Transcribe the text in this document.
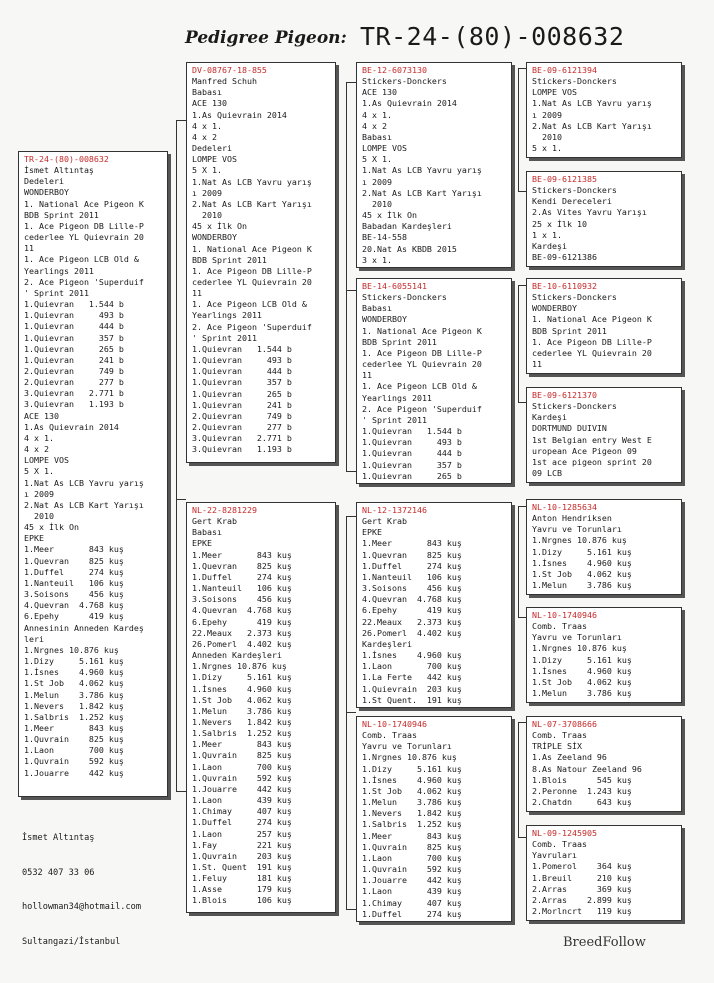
Pedigree Pigeon: TR-24-(80)-008632
TR-24-(80)-008632
İsmet Altıntaş
Dedeleri
WONDERBOY
1. National Ace Pigeon K
BDB Sprint 2011
1. Ace Pigeon DB Lille-P
cederlee YL Quievrain 20
11
1. Ace Pigeon LCB Old &
Yearlings 2011
2. Ace Pigeon 'Superduif
' Sprint 2011
1.Quievran   1.544 b
1.Quievran     493 b
1.Quievran     444 b
1.Quievran     357 b
1.Quievran     265 b
1.Quievran     241 b
2.Quievran     749 b
2.Quievran     277 b
3.Quievran   2.771 b
3.Quievran   1.193 b
ACE 130
1.As Quievrain 2014
4 x 1.
4 x 2
LOMPE VOS
5 X 1.
1.Nat As LCB Yavru yarış
ı 2009
2.Nat As LCB Kart Yarışı
2010
45 x İlk On
EPKE
1.Meer       843 kuş
1.Quevran    825 kuş
1.Duffel     274 kuş
1.Nanteuil   106 kuş
3.Soisons    456 kuş
4.Quevran  4.768 kuş
6.Epehy      419 kuş
Annesinin Anneden Kardeş
leri
1.Nrgnes 10.876 kuş
1.Dizy     5.161 kuş
1.İsnes    4.960 kuş
1.St Job   4.062 kuş
1.Melun    3.786 kuş
1.Nevers   1.842 kuş
1.Salbris  1.252 kuş
1.Meer       843 kuş
1.Quvrain    825 kuş
1.Laon       700 kuş
1.Quvrain    592 kuş
1.Jouarre    442 kuş
DV-08767-18-855
Manfred Schuh
Babası
ACE 130
1.As Quievrain 2014
4 x 1.
4 x 2
Dedeleri
LOMPE VOS
5 X 1.
1.Nat As LCB Yavru yarış
ı 2009
2.Nat As LCB Kart Yarışı
2010
45 x İlk On
WONDERBOY
1. National Ace Pigeon K
BDB Sprint 2011
1. Ace Pigeon DB Lille-P
cederlee YL Quievrain 20
11
1. Ace Pigeon LCB Old &
Yearlings 2011
2. Ace Pigeon 'Superduif
' Sprint 2011
1.Quievran   1.544 b
1.Quievran     493 b
1.Quievran     444 b
1.Quievran     357 b
1.Quievran     265 b
1.Quievran     241 b
2.Quievran     749 b
2.Quievran     277 b
3.Quievran   2.771 b
3.Quievran   1.193 b
NL-22-8281229
Gert Krab
Babası
EPKE
1.Meer       843 kuş
1.Quevran    825 kuş
1.Duffel     274 kuş
1.Nanteuil   106 kuş
3.Soisons    456 kuş
4.Quevran  4.768 kuş
6.Epehy      419 kuş
22.Meaux   2.373 kuş
26.Pomerl  4.402 kuş
Anneden Kardeşleri
1.Nrgnes 10.876 kuş
1.Dizy     5.161 kuş
1.İsnes    4.960 kuş
1.St Job   4.062 kuş
1.Melun    3.786 kuş
1.Nevers   1.842 kuş
1.Salbris  1.252 kuş
1.Meer       843 kuş
1.Quvrain    825 kuş
1.Laon       700 kuş
1.Quvrain    592 kuş
1.Jouarre    442 kuş
1.Laon       439 kuş
1.Chimay     407 kuş
1.Duffel     274 kuş
1.Laon       257 kuş
1.Fay        221 kuş
1.Quvrain    203 kuş
1.St. Quent  191 kuş
1.Feluy      181 kuş
1.Asse       179 kuş
1.Blois      106 kuş
BE-12-6073130
Stickers-Donckers
ACE 130
1.As Quievrain 2014
4 x 1.
4 x 2
Babası
LOMPE VOS
5 X 1.
1.Nat As LCB Yavru yarış
ı 2009
2.Nat As LCB Kart Yarışı
2010
45 x İlk On
Babadan Kardeşleri
BE-14-558
20.Nat As KBDB 2015
3 x 1.
BE-14-6055141
Stickers-Donckers
Babası
WONDERBOY
1. National Ace Pigeon K
BDB Sprint 2011
1. Ace Pigeon DB Lille-P
cederlee YL Quievrain 20
11
1. Ace Pigeon LCB Old &
Yearlings 2011
2. Ace Pigeon 'Superduif
' Sprint 2011
1.Quievran   1.544 b
1.Quievran     493 b
1.Quievran     444 b
1.Quievran     357 b
1.Quievran     265 b
NL-12-1372146
Gert Krab
EPKE
1.Meer       843 kuş
1.Quevran    825 kuş
1.Duffel     274 kuş
1.Nanteuil   106 kuş
3.Soisons    456 kuş
4.Quevran  4.768 kuş
6.Epehy      419 kuş
22.Meaux   2.373 kuş
26.Pomerl  4.402 kuş
Kardeşleri
1.İsnes    4.960 kuş
1.Laon       700 kuş
1.La Ferte   442 kuş
1.Quievrain  203 kuş
1.St Quent.  191 kuş
NL-10-1740946
Comb. Traas
Yavru ve Torunları
1.Nrgnes 10.876 kuş
1.Dizy     5.161 kuş
1.İsnes    4.960 kuş
1.St Job   4.062 kuş
1.Melun    3.786 kuş
1.Nevers   1.842 kuş
1.Salbris  1.252 kuş
1.Meer       843 kuş
1.Quvrain    825 kuş
1.Laon       700 kuş
1.Quvrain    592 kuş
1.Jouarre    442 kuş
1.Laon       439 kuş
1.Chimay     407 kuş
1.Duffel     274 kuş
BE-09-6121394
Stickers-Donckers
LOMPE VOS
1.Nat As LCB Yavru yarış
ı 2009
2.Nat As LCB Kart Yarışı
2010
5 x 1.
BE-09-6121385
Stickers-Donckers
Kendi Dereceleri
2.As Vites Yavru Yarışı
25 x İlk 10
1 x 1.
Kardeşi
BE-09-6121386
BE-10-6110932
Stickers-Donckers
WONDERBOY
1. National Ace Pigeon K
BDB Sprint 2011
1. Ace Pigeon DB Lille-P
cederlee YL Quievrain 20
11
BE-09-6121370
Stickers-Donckers
Kardeşi
DORTMUND DUIVIN
1st Belgian entry West E
uropean Ace Pigeon 09
1st ace pigeon sprint 20
09 LCB
NL-10-1285634
Anton Hendriksen
Yavru ve Torunları
1.Nrgnes 10.876 kuş
1.Dizy     5.161 kuş
1.İsnes    4.960 kuş
1.St Job   4.062 kuş
1.Melun    3.786 kuş
NL-10-1740946
Comb. Traas
Yavru ve Torunları
1.Nrgnes 10.876 kuş
1.Dizy     5.161 kuş
1.İsnes    4.960 kuş
1.St Job   4.062 kuş
1.Melun    3.786 kuş
NL-07-3708666
Comb. Traas
TRİPLE SİX
1.As Zeeland 96
8.As Natour Zeeland 96
1.Blois      545 kuş
2.Peronne  1.243 kuş
2.Chatdn     643 kuş
NL-09-1245905
Comb. Traas
Yavruları
1.Pomerol    364 kuş
1.Breuil     210 kuş
2.Arras      369 kuş
2.Arras    2.899 kuş
2.Morlncrt   119 kuş

İsmet Altıntaş

0532 407 33 06

hollowman34@hotmail.com

Sultangazi/İstanbul	BreedFollow
